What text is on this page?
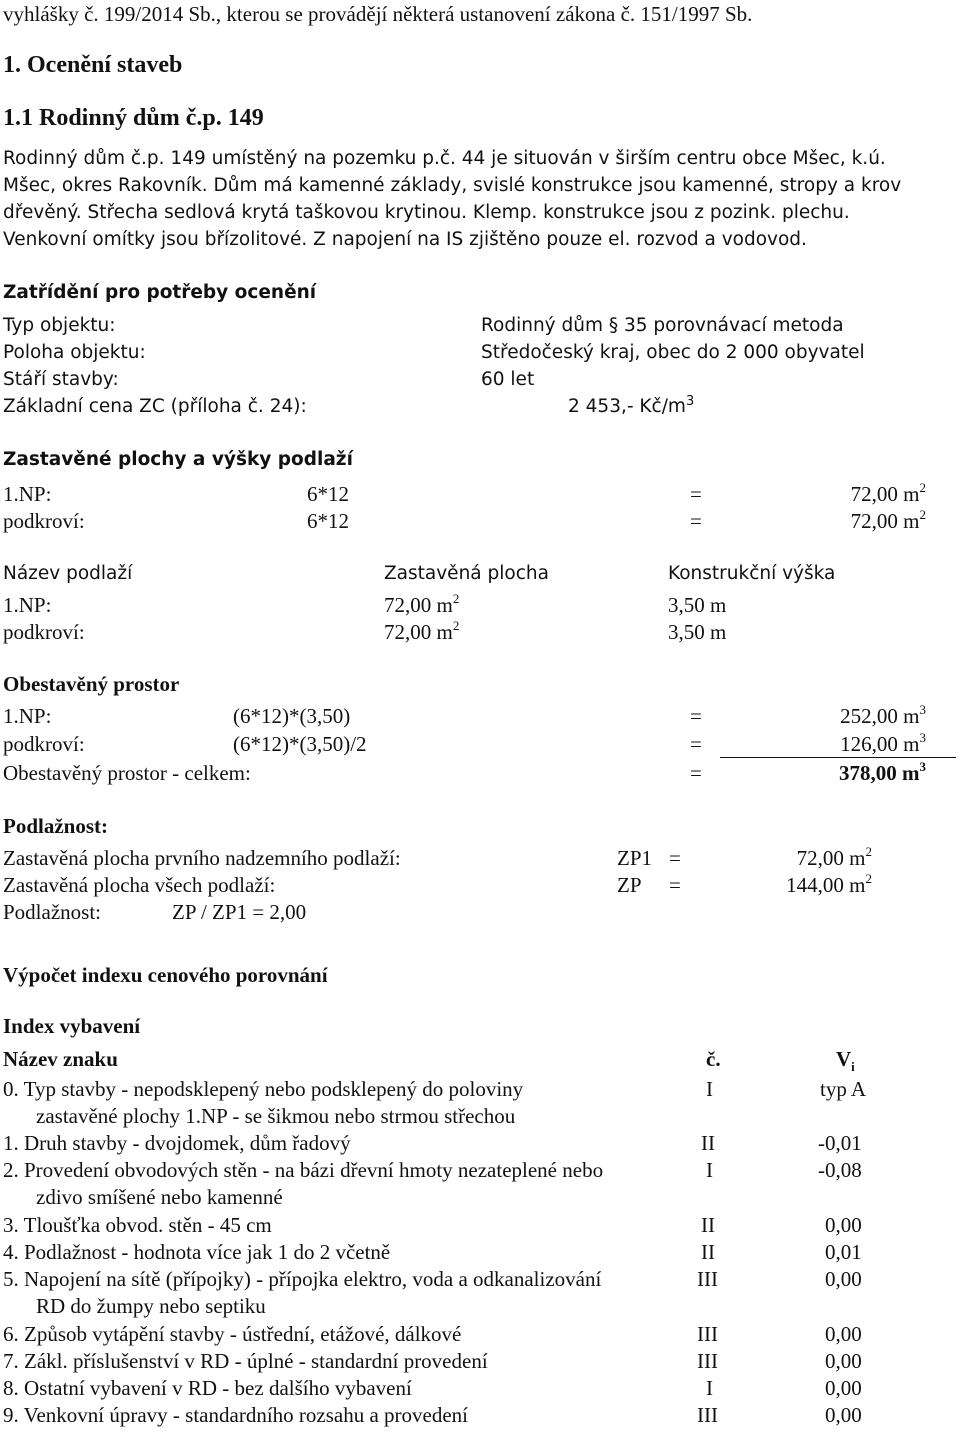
vyhlášky č. 199/2014 Sb., kterou se provádějí některá ustanovení zákona č. 151/1997 Sb.
1. Ocenění staveb
1.1 Rodinný dům č.p. 149
Rodinný dům č.p. 149 umístěný na pozemku p.č. 44 je situován v širším centru obce Mšec, k.ú.
Mšec, okres Rakovník. Dům má kamenné základy, svislé konstrukce jsou kamenné, stropy a krov
dřevěný. Střecha sedlová krytá taškovou krytinou. Klemp. konstrukce jsou z pozink. plechu.
Venkovní omítky jsou břízolitové. Z napojení na IS zjištěno pouze el. rozvod a vodovod.
Zatřídění pro potřeby ocenění
Typ objektu:	Rodinný dům § 35 porovnávací metoda
Poloha objektu:	Středočeský kraj, obec do 2 000 obyvatel
Stáří stavby:	60 let
Základní cena ZC (příloha č. 24):	2 453,- $Kč/m^3$
Zastavěné plochy a výšky podlaží
1.NP:	6*12	=	72,00 $m^2$
podkroví:	6*12	=	72,00 $m^2$
Název podlaží	Zastavěná plocha	Konstrukční výška
1.NP:	72,00 $m^2$	3,50 m
podkroví:	72,00 $m^2$	3,50 m
Obestavěný prostor
1.NP:	(6*12)*(3,50)	=	252,00 $m^3$
podkroví:	(6*12)*(3,50)/2	=	126,00 $m^3$
Obestavěný prostor - celkem:	=	378,00 $m^3$
Podlažnost:
Zastavěná plocha prvního nadzemního podlaží:	ZP1 =	72,00 $m^2$
Zastavěná plocha všech podlaží:	ZP =	144,00 $m^2$
Podlažnost:	ZP / ZP1 = 2,00
Výpočet indexu cenového porovnání
Index vybavení
Název znaku	č.	$V_i$
0. Typ stavby - nepodsklepený nebo podsklepený do poloviny
zastavěné plochy 1.NP - se šikmou nebo strmou střechou
I	typ A
1. Druh stavby - dvojdomek, dům řadový	II	-0,01
2. Provedení obvodových stěn - na bázi dřevní hmoty nezateplené nebo
zdivo smíšené nebo kamenné
I	-0,08
3. Tloušťka obvod. stěn - 45 cm	II	0,00
4. Podlažnost - hodnota více jak 1 do 2 včetně	II	0,01
5. Napojení na sítě (přípojky) - přípojka elektro, voda a odkanalizování
RD do žumpy nebo septiku
III	0,00
6. Způsob vytápění stavby - ústřední, etážové, dálkové	III	0,00
7. Zákl. příslušenství v RD - úplné - standardní provedení	III	0,00
8. Ostatní vybavení v RD - bez dalšího vybavení	I	0,00
9. Venkovní úpravy - standardního rozsahu a provedení	III	0,00
